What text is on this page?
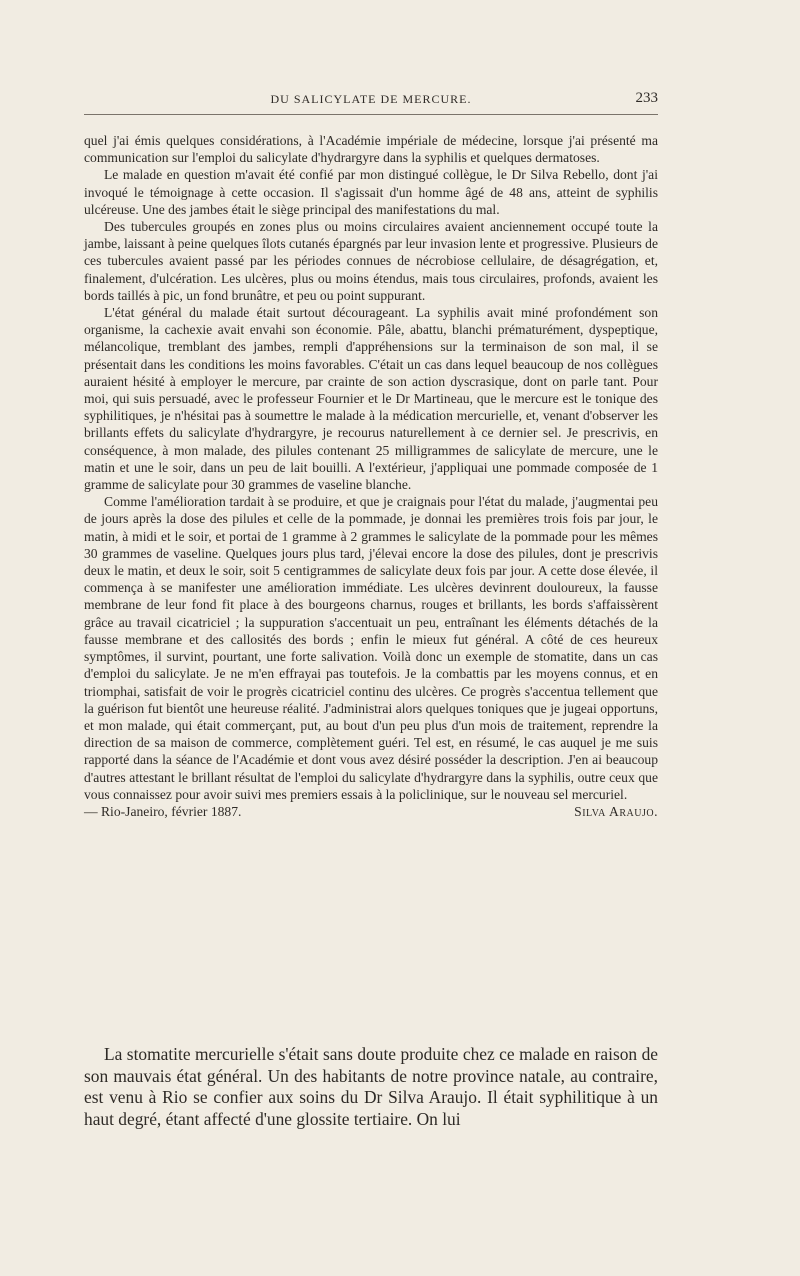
DU SALICYLATE DE MERCURE.	233

quel j'ai émis quelques considérations, à l'Académie impériale de médecine, lorsque j'ai présenté ma communication sur l'emploi du salicylate d'hydrargyre dans la syphilis et quelques dermatoses.

Le malade en question m'avait été confié par mon distingué collègue, le Dr Silva Rebello, dont j'ai invoqué le témoignage à cette occasion. Il s'agissait d'un homme âgé de 48 ans, atteint de syphilis ulcéreuse. Une des jambes était le siège principal des manifestations du mal.

Des tubercules groupés en zones plus ou moins circulaires avaient anciennement occupé toute la jambe, laissant à peine quelques îlots cutanés épargnés par leur invasion lente et progressive. Plusieurs de ces tubercules avaient passé par les périodes connues de nécrobiose cellulaire, de désagrégation, et, finalement, d'ulcération. Les ulcères, plus ou moins étendus, mais tous circulaires, profonds, avaient les bords taillés à pic, un fond brunâtre, et peu ou point suppurant.

L'état général du malade était surtout décourageant. La syphilis avait miné profondément son organisme, la cachexie avait envahi son économie. Pâle, abattu, blanchi prématurément, dyspeptique, mélancolique, tremblant des jambes, rempli d'appréhensions sur la terminaison de son mal, il se présentait dans les conditions les moins favorables. C'était un cas dans lequel beaucoup de nos collègues auraient hésité à employer le mercure, par crainte de son action dyscrasique, dont on parle tant. Pour moi, qui suis persuadé, avec le professeur Fournier et le Dr Martineau, que le mercure est le tonique des syphilitiques, je n'hésitai pas à soumettre le malade à la médication mercurielle, et, venant d'observer les brillants effets du salicylate d'hydrargyre, je recourus naturellement à ce dernier sel. Je prescrivis, en conséquence, à mon malade, des pilules contenant 25 milligrammes de salicylate de mercure, une le matin et une le soir, dans un peu de lait bouilli. A l'extérieur, j'appliquai une pommade composée de 1 gramme de salicylate pour 30 grammes de vaseline blanche.

Comme l'amélioration tardait à se produire, et que je craignais pour l'état du malade, j'augmentai peu de jours après la dose des pilules et celle de la pommade, je donnai les premières trois fois par jour, le matin, à midi et le soir, et portai de 1 gramme à 2 grammes le salicylate de la pommade pour les mêmes 30 grammes de vaseline. Quelques jours plus tard, j'élevai encore la dose des pilules, dont je prescrivis deux le matin, et deux le soir, soit 5 centigrammes de salicylate deux fois par jour. A cette dose élevée, il commença à se manifester une amélioration immédiate. Les ulcères devinrent douloureux, la fausse membrane de leur fond fit place à des bourgeons charnus, rouges et brillants, les bords s'affaissèrent grâce au travail cicatriciel ; la suppuration s'accentuait un peu, entraînant les éléments détachés de la fausse membrane et des callosités des bords ; enfin le mieux fut général. A côté de ces heureux symptômes, il survint, pourtant, une forte salivation. Voilà donc un exemple de stomatite, dans un cas d'emploi du salicylate. Je ne m'en effrayai pas toutefois. Je la combattis par les moyens connus, et en triomphai, satisfait de voir le progrès cicatriciel continu des ulcères. Ce progrès s'accentua tellement que la guérison fut bientôt une heureuse réalité. J'administrai alors quelques toniques que je jugeai opportuns, et mon malade, qui était commerçant, put, au bout d'un peu plus d'un mois de traitement, reprendre la direction de sa maison de commerce, complètement guéri. Tel est, en résumé, le cas auquel je me suis rapporté dans la séance de l'Académie et dont vous avez désiré posséder la description. J'en ai beaucoup d'autres attestant le brillant résultat de l'emploi du salicylate d'hydrargyre dans la syphilis, outre ceux que vous connaissez pour avoir suivi mes premiers essais à la policlinique, sur le nouveau sel mercuriel.

— Rio-Janeiro, février 1887.	Silva Araujo.

La stomatite mercurielle s'était sans doute produite chez ce malade en raison de son mauvais état général. Un des habitants de notre province natale, au contraire, est venu à Rio se confier aux soins du Dr Silva Araujo. Il était syphilitique à un haut degré, étant affecté d'une glossite tertiaire. On lui
